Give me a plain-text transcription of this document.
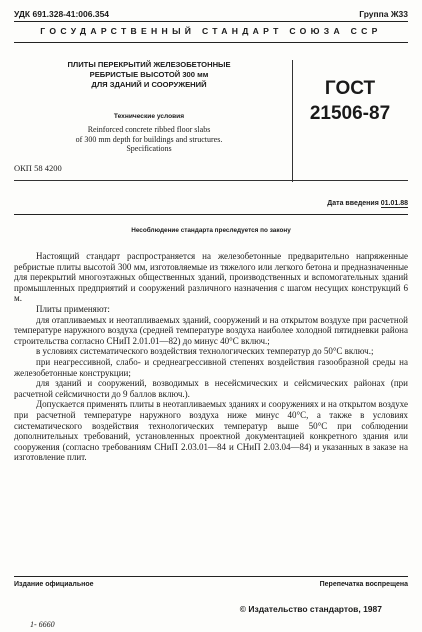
УДК 691.328-41:006.354	Группа Ж33
ГОСУДАРСТВЕННЫЙ СТАНДАРТ СОЮЗА ССР
ПЛИТЫ ПЕРЕКРЫТИЙ ЖЕЛЕЗОБЕТОННЫЕ
РЕБРИСТЫЕ ВЫСОТОЙ 300 мм
ДЛЯ ЗДАНИЙ И СООРУЖЕНИЙ
Технические условия
Reinforced concrete ribbed floor slabs
of 300 mm depth for buildings and structures.
Specifications
ОКП 58 4200
ГОСТ
21506-87
Дата введения 01.01.88
Несоблюдение стандарта преследуется по закону

Настоящий стандарт распространяется на железобетонные предварительно напряженные ребристые плиты высотой 300 мм, изготовляемые из тяжелого или легкого бетона и предназначенные для перекрытий многоэтажных общественных зданий, производственных и вспомогательных зданий промышленных предприятий и сооружений различного назначения с шагом несущих конструкций 6 м.

Плиты применяют:

для отапливаемых и неотапливаемых зданий, сооружений и на открытом воздухе при расчетной температуре наружного воздуха (средней температуре воздуха наиболее холодной пятидневки района строительства согласно СНиП 2.01.01—82) до минус 40°С включ.;

в условиях систематического воздействия технологических температур до 50°С включ.;

при неагрессивной, слабо- и среднеагрессивной степенях воздействия газообразной среды на железобетонные конструкции;

для зданий и сооружений, возводимых в несейсмических и сейсмических районах (при расчетной сейсмичности до 9 баллов включ.).

Допускается применять плиты в неотапливаемых зданиях и сооружениях и на открытом воздухе при расчетной температуре наружного воздуха ниже минус 40°С, а также в условиях систематического воздействия технологических температур выше 50°С при соблюдении дополнительных требований, установленных проектной документацией конкретного здания или сооружения (согласно требованиям СНиП 2.03.01—84 и СНиП 2.03.04—84) и указанных в заказе на изготовление плит.

Издание официальное	Перепечатка воспрещена
© Издательство стандартов, 1987
1- 6660
